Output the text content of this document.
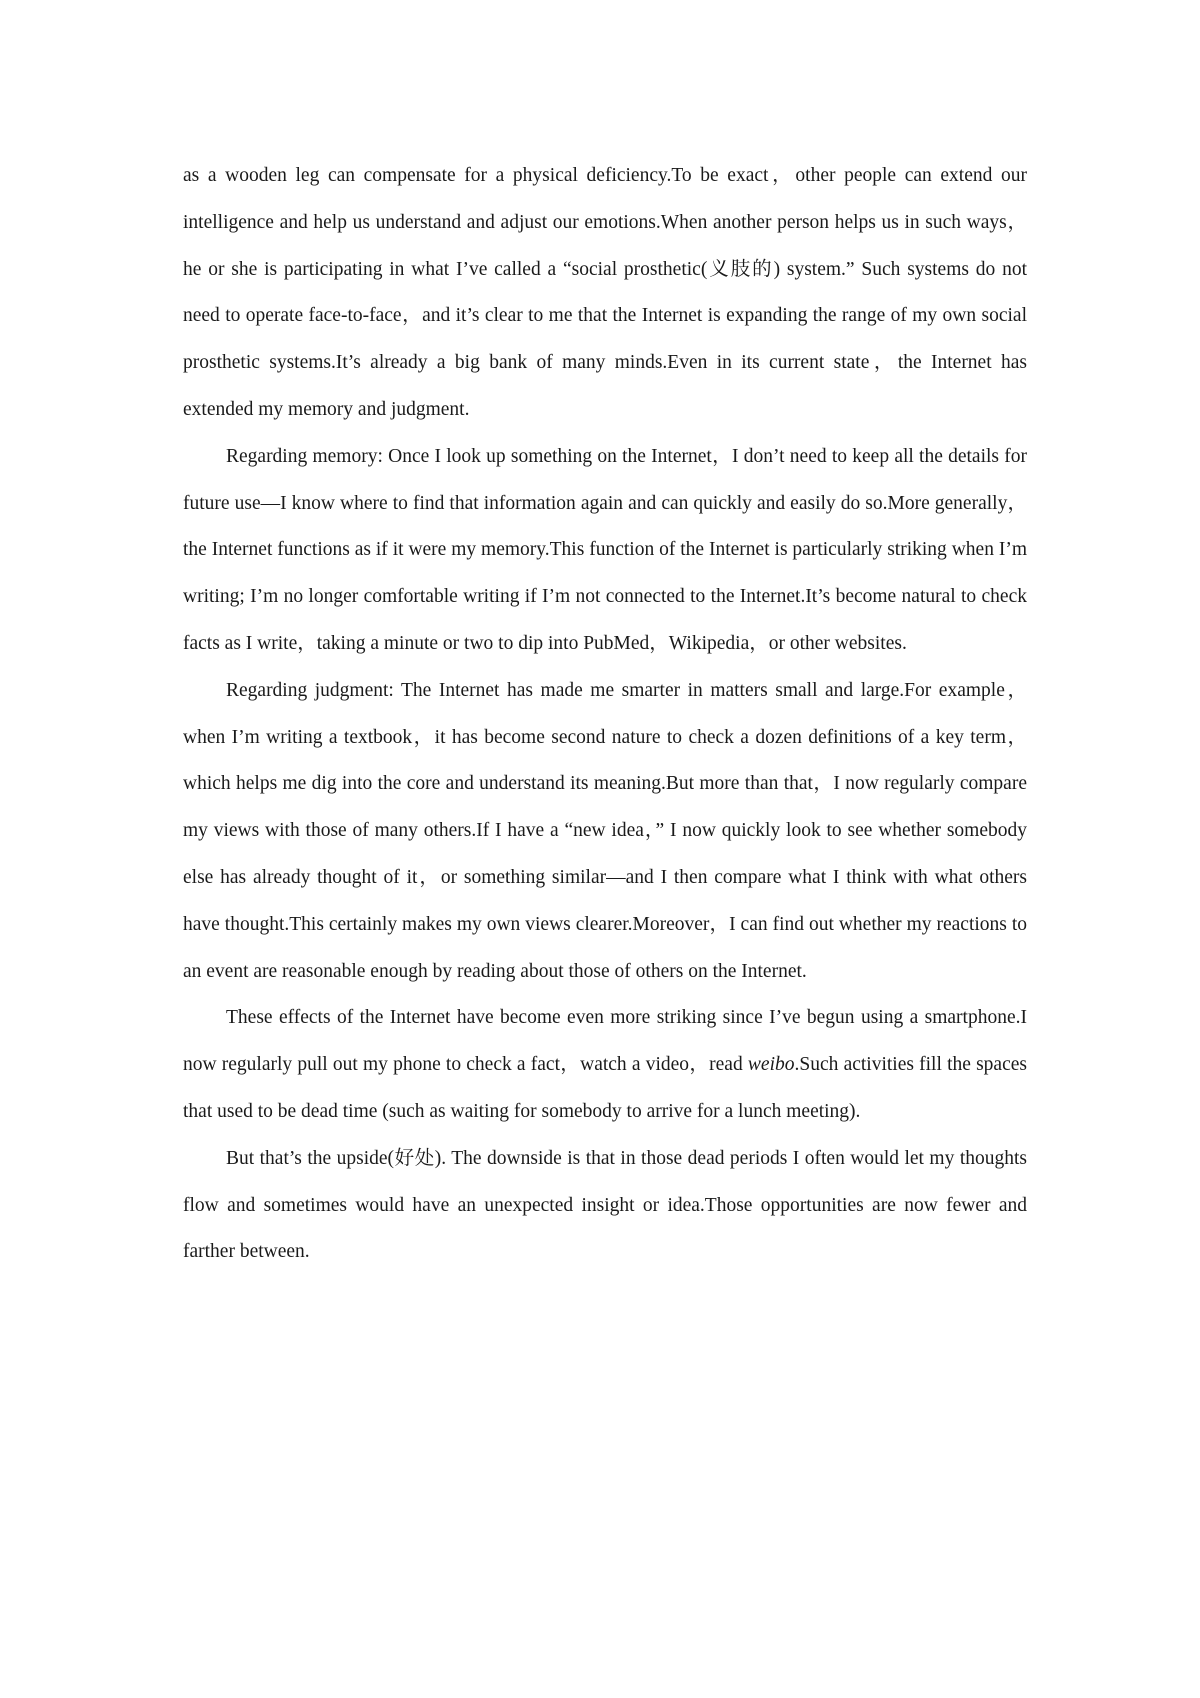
as a wooden leg can compensate for a physical deficiency.To be exact，other people can extend our intelligence and help us understand and adjust our emotions.When another person helps us in such ways，he or she is participating in what I’ve called a “social prosthetic(义肢的) system.” Such systems do not need to operate face-to-face，and it’s clear to me that the Internet is expanding the range of my own social prosthetic systems.It’s already a big bank of many minds.Even in its current state，the Internet has extended my memory and judgment.

Regarding memory: Once I look up something on the Internet，I don’t need to keep all the details for future use—I know where to find that information again and can quickly and easily do so.More generally，the Internet functions as if it were my memory.This function of the Internet is particularly striking when I’m writing; I’m no longer comfortable writing if I’m not connected to the Internet.It’s become natural to check facts as I write，taking a minute or two to dip into PubMed，Wikipedia，or other websites.

Regarding judgment: The Internet has made me smarter in matters small and large.For example，when I’m writing a textbook，it has become second nature to check a dozen definitions of a key term，which helps me dig into the core and understand its meaning.But more than that，I now regularly compare my views with those of many others.If I have a “new idea，” I now quickly look to see whether somebody else has already thought of it，or something similar—and I then compare what I think with what others have thought.This certainly makes my own views clearer.Moreover，I can find out whether my reactions to an event are reasonable enough by reading about those of others on the Internet.

These effects of the Internet have become even more striking since I’ve begun using a smartphone.I now regularly pull out my phone to check a fact，watch a video，read weibo.Such activities fill the spaces that used to be dead time (such as waiting for somebody to arrive for a lunch meeting).

But that’s the upside(好处). The downside is that in those dead periods I often would let my thoughts flow and sometimes would have an unexpected insight or idea.Those opportunities are now fewer and farther between.
